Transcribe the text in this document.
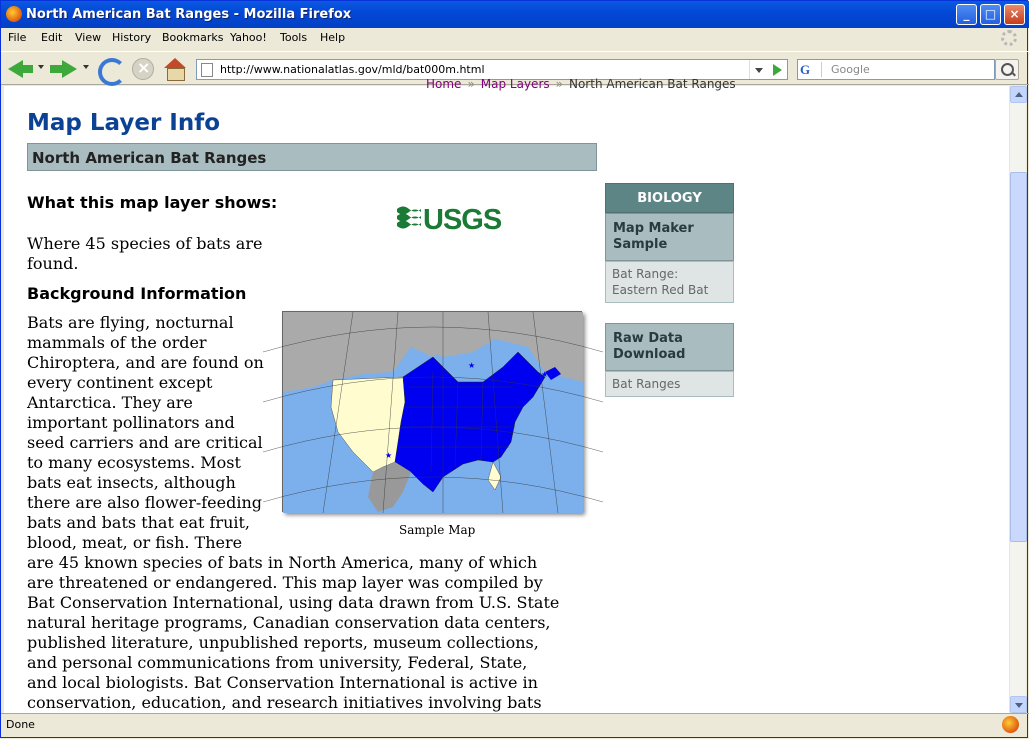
North American Bat Ranges - Mozilla Firefox	_	□	×
File Edit View History Bookmarks Yahoo! Tools Help
×
http://www.nationalatlas.gov/mld/bat000m.html	G	Google
Home » Map Layers » North American Bat Ranges
Map Layer Info
North American Bat Ranges
What this map layer shows:
Where 45 species of bats are
found.
Background Information
Bats are flying, nocturnal
mammals of the order
Chiroptera, and are found on
every continent except
Antarctica. They are
important pollinators and
seed carriers and are critical
to many ecosystems. Most
bats eat insects, although
there are also flower-feeding
bats and bats that eat fruit,
blood, meat, or fish. There
are 45 known species of bats in North America, many of which
are threatened or endangered. This map layer was compiled by
Bat Conservation International, using data drawn from U.S. State
natural heritage programs, Canadian conservation data centers,
published literature, unpublished reports, museum collections,
and personal communications from university, Federal, State,
and local biologists. Bat Conservation International is active in
conservation, education, and research initiatives involving bats
USGS
★
★
★
Sample Map
BIOLOGY
Map Maker
Sample
Bat Range:
Eastern Red Bat
Raw Data
Download
Bat Ranges
Done
